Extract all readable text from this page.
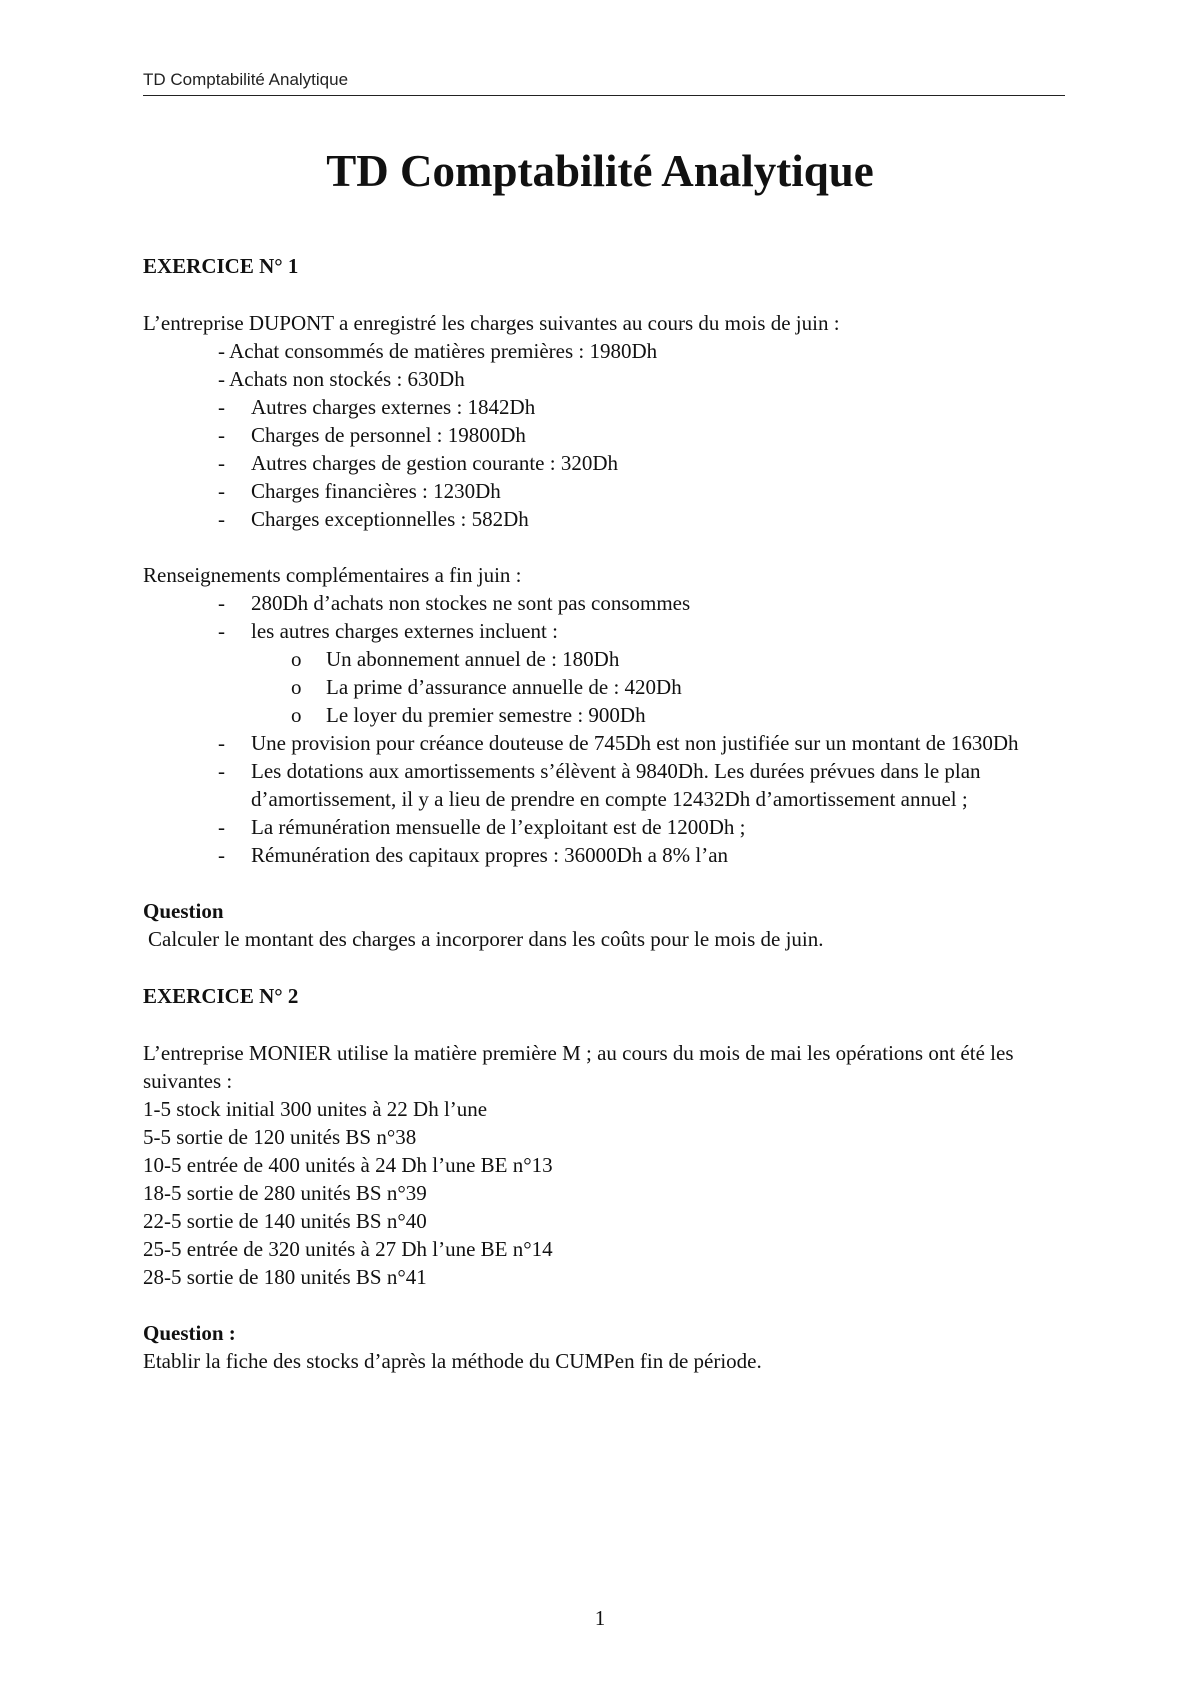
TD Comptabilité Analytique
TD Comptabilité Analytique

EXERCICE N° 1

L’entreprise DUPONT a enregistré les charges suivantes au cours du mois de juin :

- Achat consommés de matières premières : 1980Dh

- Achats non stockés : 630Dh

- Autres charges externes : 1842Dh
- Charges de personnel : 19800Dh
- Autres charges de gestion courante : 320Dh
- Charges financières : 1230Dh
- Charges exceptionnelles : 582Dh

Renseignements complémentaires a fin juin :

- 280Dh d’achats non stockes ne sont pas consommes
- les autres charges externes incluent :
o Un abonnement annuel de : 180Dh
o La prime d’assurance annuelle de : 420Dh
o Le loyer du premier semestre : 900Dh
- Une provision pour créance douteuse de 745Dh est non justifiée sur un montant de 1630Dh
- Les dotations aux amortissements s’élèvent à 9840Dh. Les durées prévues dans le plan d’amortissement, il y a lieu de prendre en compte 12432Dh d’amortissement annuel ;
- La rémunération mensuelle de l’exploitant est de 1200Dh ;
- Rémunération des capitaux propres : 36000Dh a 8% l’an

Question

Calculer le montant des charges a incorporer dans les coûts pour le mois de juin.

EXERCICE N° 2

L’entreprise MONIER utilise la matière première M ; au cours du mois de mai les opérations ont été les suivantes :

1-5 stock initial 300 unites à 22 Dh l’une

5-5 sortie de 120 unités BS n°38

10-5 entrée de 400 unités à 24 Dh l’une BE n°13

18-5 sortie de 280 unités BS n°39

22-5 sortie de 140 unités BS n°40

25-5 entrée de 320 unités à 27 Dh l’une BE n°14

28-5 sortie de 180 unités BS n°41

Question :

Etablir la fiche des stocks d’après la méthode du CUMPen fin de période.

1
